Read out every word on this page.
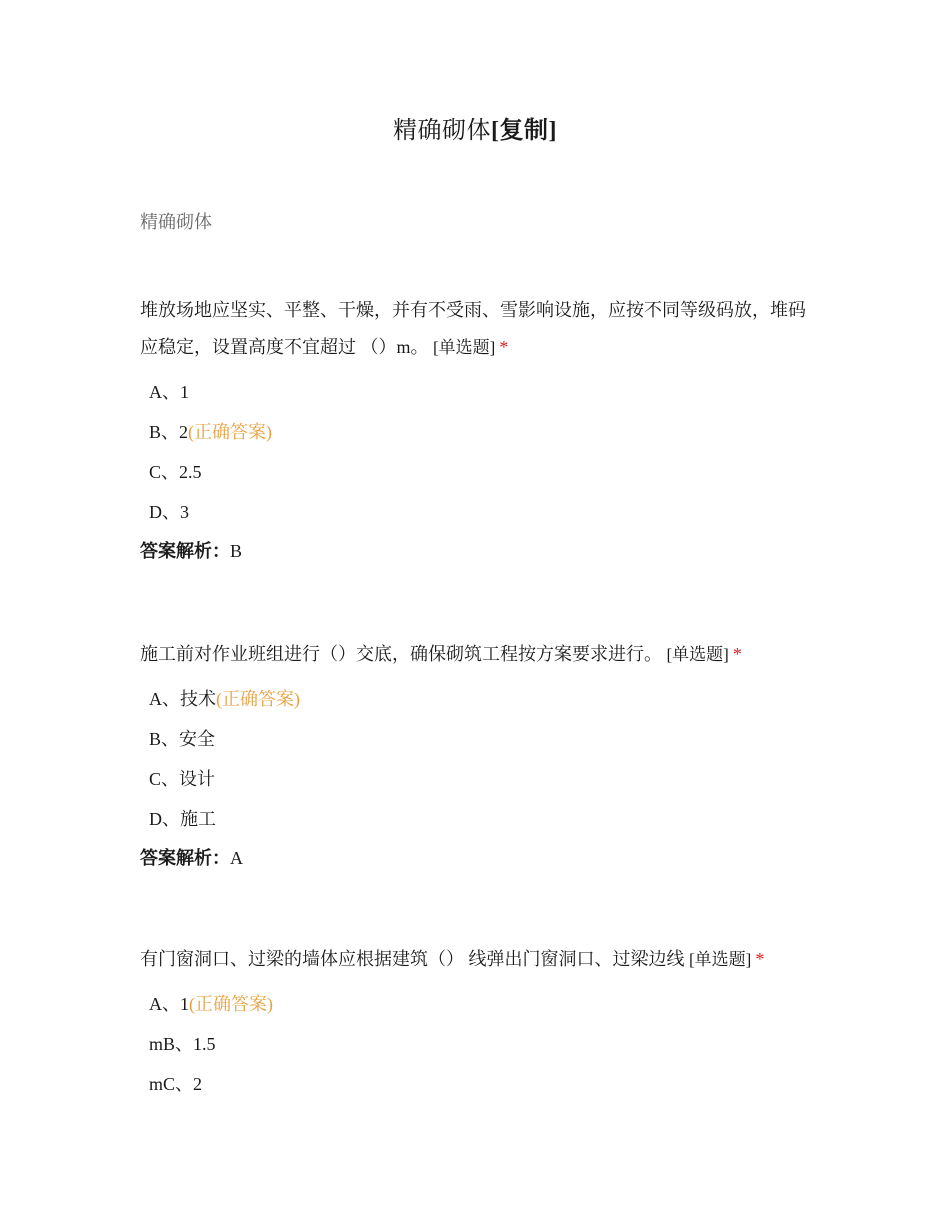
精确砌体[复制]
精确砌体
堆放场地应坚实、平整、干燥，并有不受雨、雪影响设施，应按不同等级码放，堆码应稳定，设置高度不宜超过 （）m。 [单选题] *
A、1
B、2(正确答案)
C、2.5
D、3
答案解析：B
施工前对作业班组进行（）交底，确保砌筑工程按方案要求进行。 [单选题] *
A、技术(正确答案)
B、安全
C、设计
D、施工
答案解析：A
有门窗洞口、过梁的墙体应根据建筑（） 线弹出门窗洞口、过梁边线 [单选题] *
A、1(正确答案)
mB、1.5
mC、2
